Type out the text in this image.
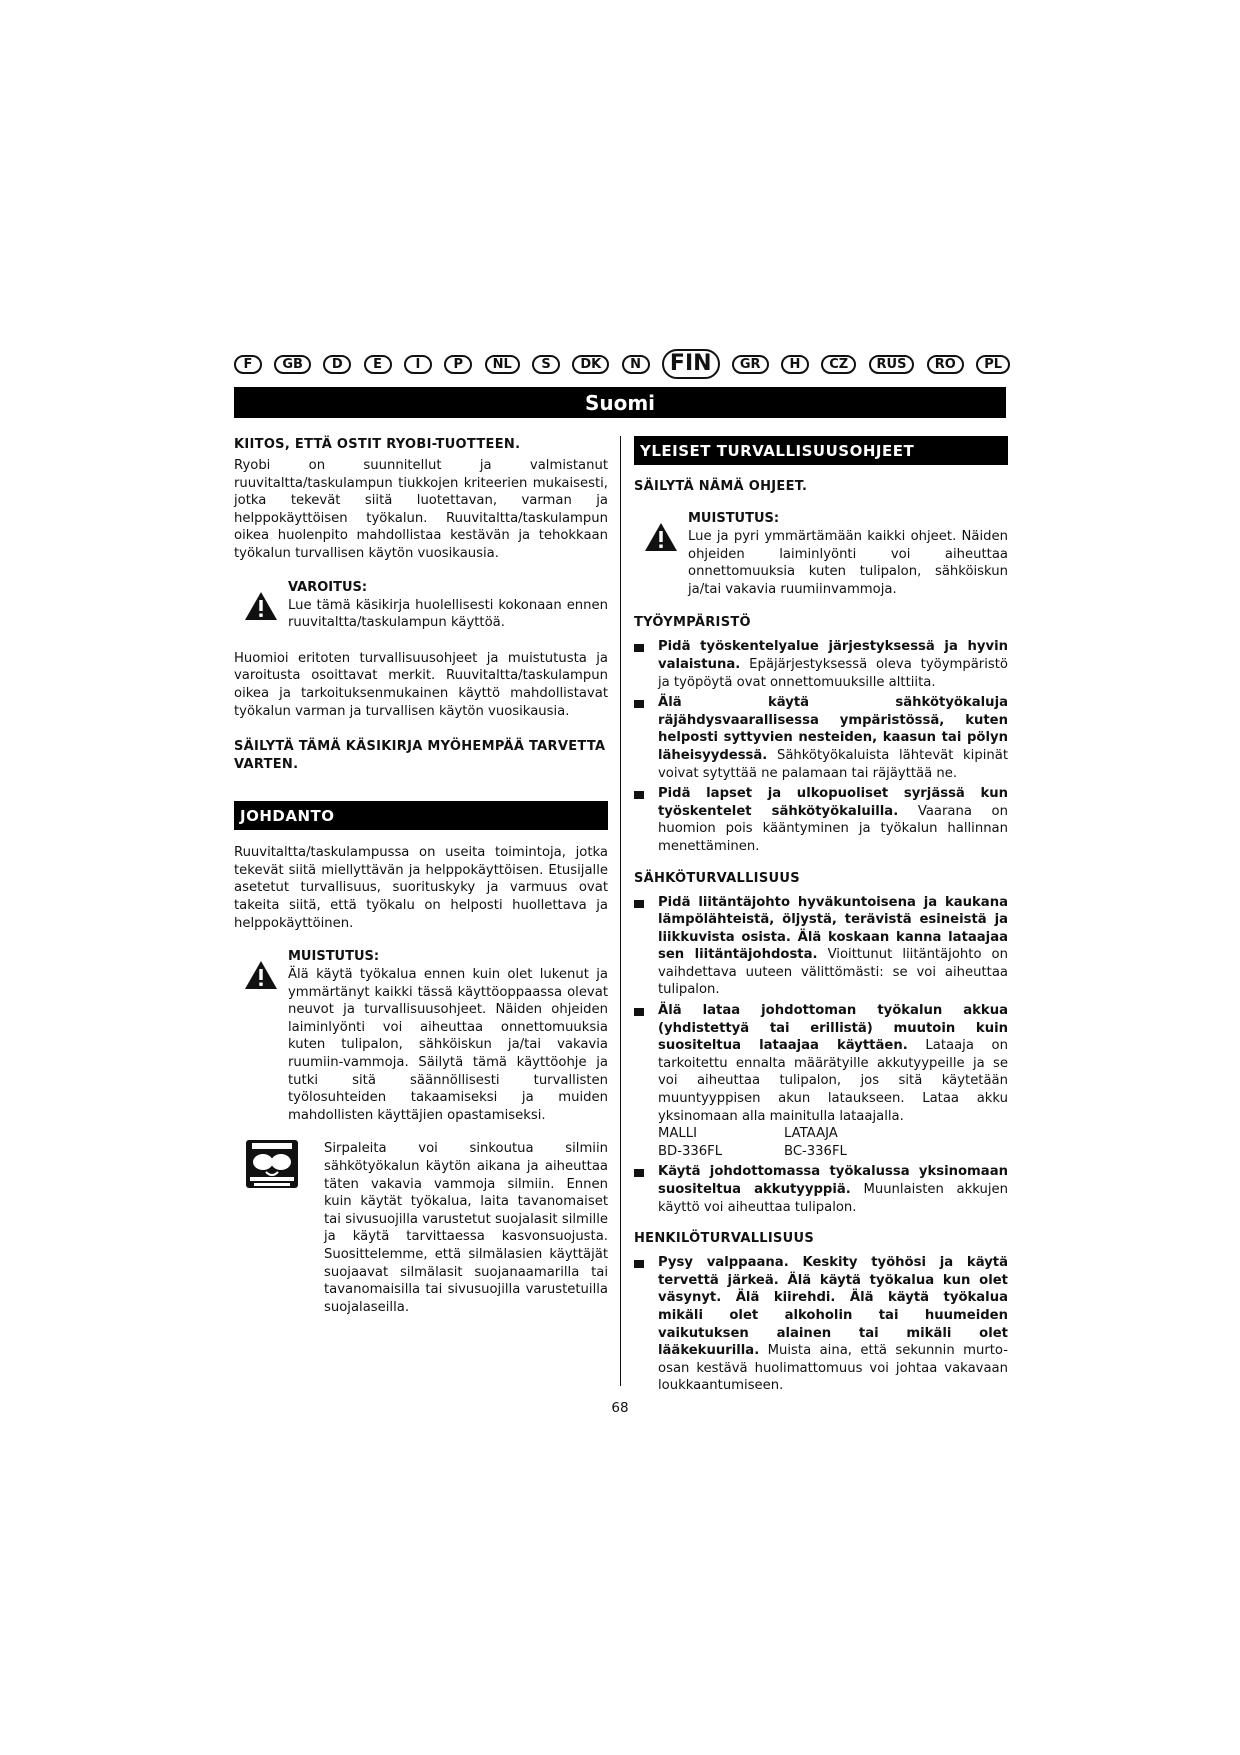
F	GB	D	E	I	P	NL	S	DK	N	FIN	GR	H	CZ	RUS	RO	PL
Suomi
KIITOS, ETTÄ OSTIT RYOBI-TUOTTEEN.

Ryobi on suunnitellut ja valmistanut ruuvitaltta/taskulampun tiukkojen kriteerien mukaisesti, jotka tekevät siitä luotettavan, varman ja helppokäyttöisen työkalun. Ruuvitaltta/taskulampun oikea huolenpito mahdollistaa kestävän ja tehokkaan työkalun turvallisen käytön vuosikausia.

VAROITUS:

Lue tämä käsikirja huolellisesti kokonaan ennen ruuvitaltta/taskulampun käyttöä.

Huomioi eritoten turvallisuusohjeet ja muistutusta ja varoitusta osoittavat merkit. Ruuvitaltta/taskulampun oikea ja tarkoituksenmukainen käyttö mahdollistavat työkalun varman ja turvallisen käytön vuosikausia.

SÄILYTÄ TÄMÄ KÄSIKIRJA MYÖHEMPÄÄ TARVETTA VARTEN.
JOHDANTO

Ruuvitaltta/taskulampussa on useita toimintoja, jotka tekevät siitä miellyttävän ja helppokäyttöisen. Etusijalle asetetut turvallisuus, suorituskyky ja varmuus ovat takeita siitä, että työkalu on helposti huollettava ja helppokäyttöinen.

MUISTUTUS:

Älä käytä työkalua ennen kuin olet lukenut ja ymmärtänyt kaikki tässä käyttöoppaassa olevat neuvot ja turvallisuusohjeet. Näiden ohjeiden laiminlyönti voi aiheuttaa onnettomuuksia kuten tulipalon, sähköiskun ja/tai vakavia ruumiin-vammoja. Säilytä tämä käyttöohje ja tutki sitä säännöllisesti turvallisten työlosuhteiden takaamiseksi ja muiden mahdollisten käyttäjien opastamiseksi.

Sirpaleita voi sinkoutua silmiin sähkötyökalun käytön aikana ja aiheuttaa täten vakavia vammoja silmiin. Ennen kuin käytät työkalua, laita tavanomaiset tai sivusuojilla varustetut suojalasit silmille ja käytä tarvittaessa kasvonsuojusta. Suosittelemme, että silmälasien käyttäjät suojaavat silmälasit suojanaamarilla tai tavanomaisilla tai sivusuojilla varustetuilla suojalaseilla.

YLEISET TURVALLISUUSOHJEET
SÄILYTÄ NÄMÄ OHJEET.
MUISTUTUS:

Lue ja pyri ymmärtämään kaikki ohjeet. Näiden ohjeiden laiminlyönti voi aiheuttaa onnettomuuksia kuten tulipalon, sähköiskun ja/tai vakavia ruumiinvammoja.

TYÖYMPÄRISTÖ
Pidä työskentelyalue järjestyksessä ja hyvin valaistuna. Epäjärjestyksessä oleva työympäristö ja työpöytä ovat onnettomuuksille alttiita.
Älä käytä sähkötyökaluja räjähdysvaarallisessa ympäristössä, kuten helposti syttyvien nesteiden, kaasun tai pölyn läheisyydessä. Sähkötyökaluista lähtevät kipinät voivat sytyttää ne palamaan tai räjäyttää ne.
Pidä lapset ja ulkopuoliset syrjässä kun työskentelet sähkötyökaluilla. Vaarana on huomion pois kääntyminen ja työkalun hallinnan menettäminen.
SÄHKÖTURVALLISUUS
Pidä liitäntäjohto hyväkuntoisena ja kaukana lämpölähteistä, öljystä, terävistä esineistä ja liikkuvista osista. Älä koskaan kanna lataajaa sen liitäntäjohdosta. Vioittunut liitäntäjohto on vaihdettava uuteen välittömästi: se voi aiheuttaa tulipalon.
Älä lataa johdottoman työkalun akkua (yhdistettyä tai erillistä) muutoin kuin suositeltua lataajaa käyttäen. Lataaja on tarkoitettu ennalta määrätyille akkutyypeille ja se voi aiheuttaa tulipalon, jos sitä käytetään muuntyyppisen akun lataukseen. Lataa akku yksinomaan alla mainitulla lataajalla.
MALLI	LATAAJA
BD-336FL	BC-336FL
Käytä johdottomassa työkalussa yksinomaan suositeltua akkutyyppiä. Muunlaisten akkujen käyttö voi aiheuttaa tulipalon.
HENKILÖTURVALLISUUS
Pysy valppaana. Keskity työhösi ja käytä tervettä järkeä. Älä käytä työkalua kun olet väsynyt. Älä kiirehdi. Älä käytä työkalua mikäli olet alkoholin tai huumeiden vaikutuksen alainen tai mikäli olet lääkekuurilla. Muista aina, että sekunnin murto-osan kestävä huolimattomuus voi johtaa vakavaan loukkaantumiseen.
68
